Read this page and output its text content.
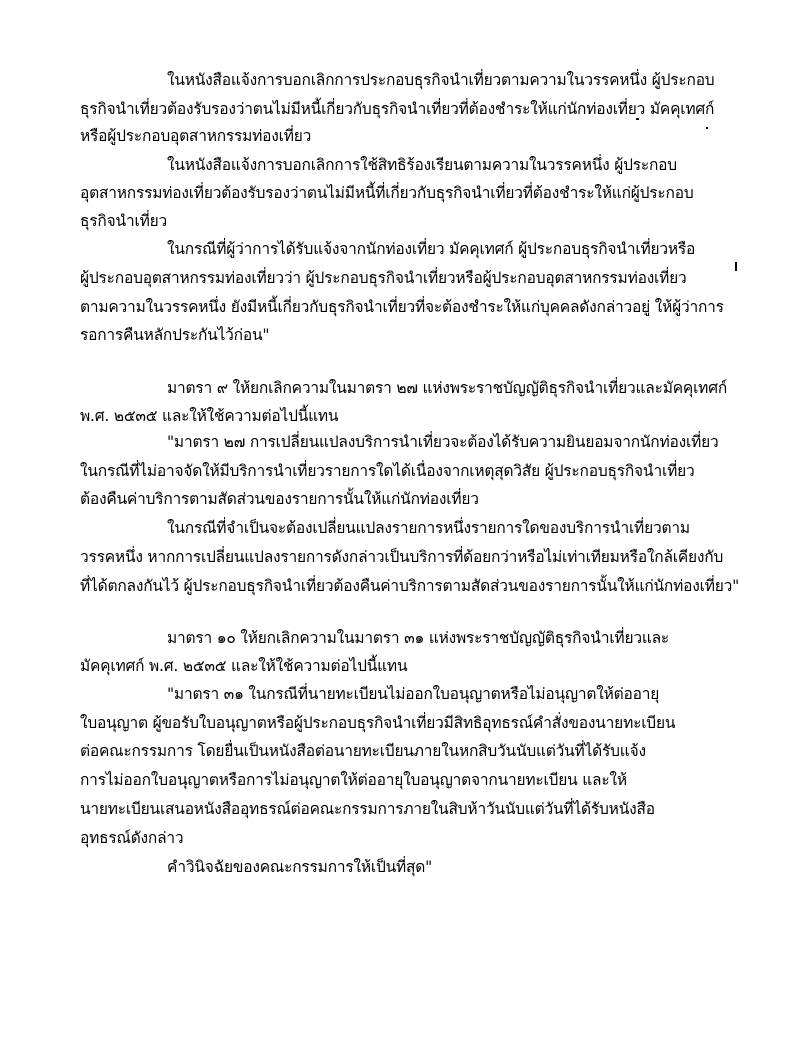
ในหนังสือแจ้งการบอกเลิกการประกอบธุรกิจนำเที่ยวตามความในวรรคหนึ่ง ผู้ประกอบ

ธุรกิจนำเที่ยวต้องรับรองว่าตนไม่มีหนี้เกี่ยวกับธุรกิจนำเที่ยวที่ต้องชำระให้แก่นักท่องเที่ยว มัคคุเทศก์

หรือผู้ประกอบอุตสาหกรรมท่องเที่ยว

ในหนังสือแจ้งการบอกเลิกการใช้สิทธิร้องเรียนตามความในวรรคหนึ่ง ผู้ประกอบ

อุตสาหกรรมท่องเที่ยวต้องรับรองว่าตนไม่มีหนี้ที่เกี่ยวกับธุรกิจนำเที่ยวที่ต้องชำระให้แก่ผู้ประกอบ

ธุรกิจนำเที่ยว

ในกรณีที่ผู้ว่าการได้รับแจ้งจากนักท่องเที่ยว มัคคุเทศก์ ผู้ประกอบธุรกิจนำเที่ยวหรือ

ผู้ประกอบอุตสาหกรรมท่องเที่ยวว่า ผู้ประกอบธุรกิจนำเที่ยวหรือผู้ประกอบอุตสาหกรรมท่องเที่ยว

ตามความในวรรคหนึ่ง ยังมีหนี้เกี่ยวกับธุรกิจนำเที่ยวที่จะต้องชำระให้แก่บุคคลดังกล่าวอยู่ ให้ผู้ว่าการ

รอการคืนหลักประกันไว้ก่อน"

มาตรา ๙ ให้ยกเลิกความในมาตรา ๒๗ แห่งพระราชบัญญัติธุรกิจนำเที่ยวและมัคคุเทศก์

พ.ศ. ๒๕๓๕ และให้ใช้ความต่อไปนี้แทน

"มาตรา ๒๗ การเปลี่ยนแปลงบริการนำเที่ยวจะต้องได้รับความยินยอมจากนักท่องเที่ยว

ในกรณีที่ไม่อาจจัดให้มีบริการนำเที่ยวรายการใดได้เนื่องจากเหตุสุดวิสัย ผู้ประกอบธุรกิจนำเที่ยว

ต้องคืนค่าบริการตามสัดส่วนของรายการนั้นให้แก่นักท่องเที่ยว

ในกรณีที่จำเป็นจะต้องเปลี่ยนแปลงรายการหนึ่งรายการใดของบริการนำเที่ยวตาม

วรรคหนึ่ง หากการเปลี่ยนแปลงรายการดังกล่าวเป็นบริการที่ด้อยกว่าหรือไม่เท่าเทียมหรือใกล้เคียงกับ

ที่ได้ตกลงกันไว้ ผู้ประกอบธุรกิจนำเที่ยวต้องคืนค่าบริการตามสัดส่วนของรายการนั้นให้แก่นักท่องเที่ยว"

มาตรา ๑๐ ให้ยกเลิกความในมาตรา ๓๑ แห่งพระราชบัญญัติธุรกิจนำเที่ยวและ

มัคคุเทศก์ พ.ศ. ๒๕๓๕ และให้ใช้ความต่อไปนี้แทน

"มาตรา ๓๑ ในกรณีที่นายทะเบียนไม่ออกใบอนุญาตหรือไม่อนุญาตให้ต่ออายุ

ใบอนุญาต ผู้ขอรับใบอนุญาตหรือผู้ประกอบธุรกิจนำเที่ยวมีสิทธิอุทธรณ์คำสั่งของนายทะเบียน

ต่อคณะกรรมการ โดยยื่นเป็นหนังสือต่อนายทะเบียนภายในหกสิบวันนับแต่วันที่ได้รับแจ้ง

การไม่ออกใบอนุญาตหรือการไม่อนุญาตให้ต่ออายุใบอนุญาตจากนายทะเบียน และให้

นายทะเบียนเสนอหนังสืออุทธรณ์ต่อคณะกรรมการภายในสิบห้าวันนับแต่วันที่ได้รับหนังสือ

อุทธรณ์ดังกล่าว

คำวินิจฉัยของคณะกรรมการให้เป็นที่สุด"
